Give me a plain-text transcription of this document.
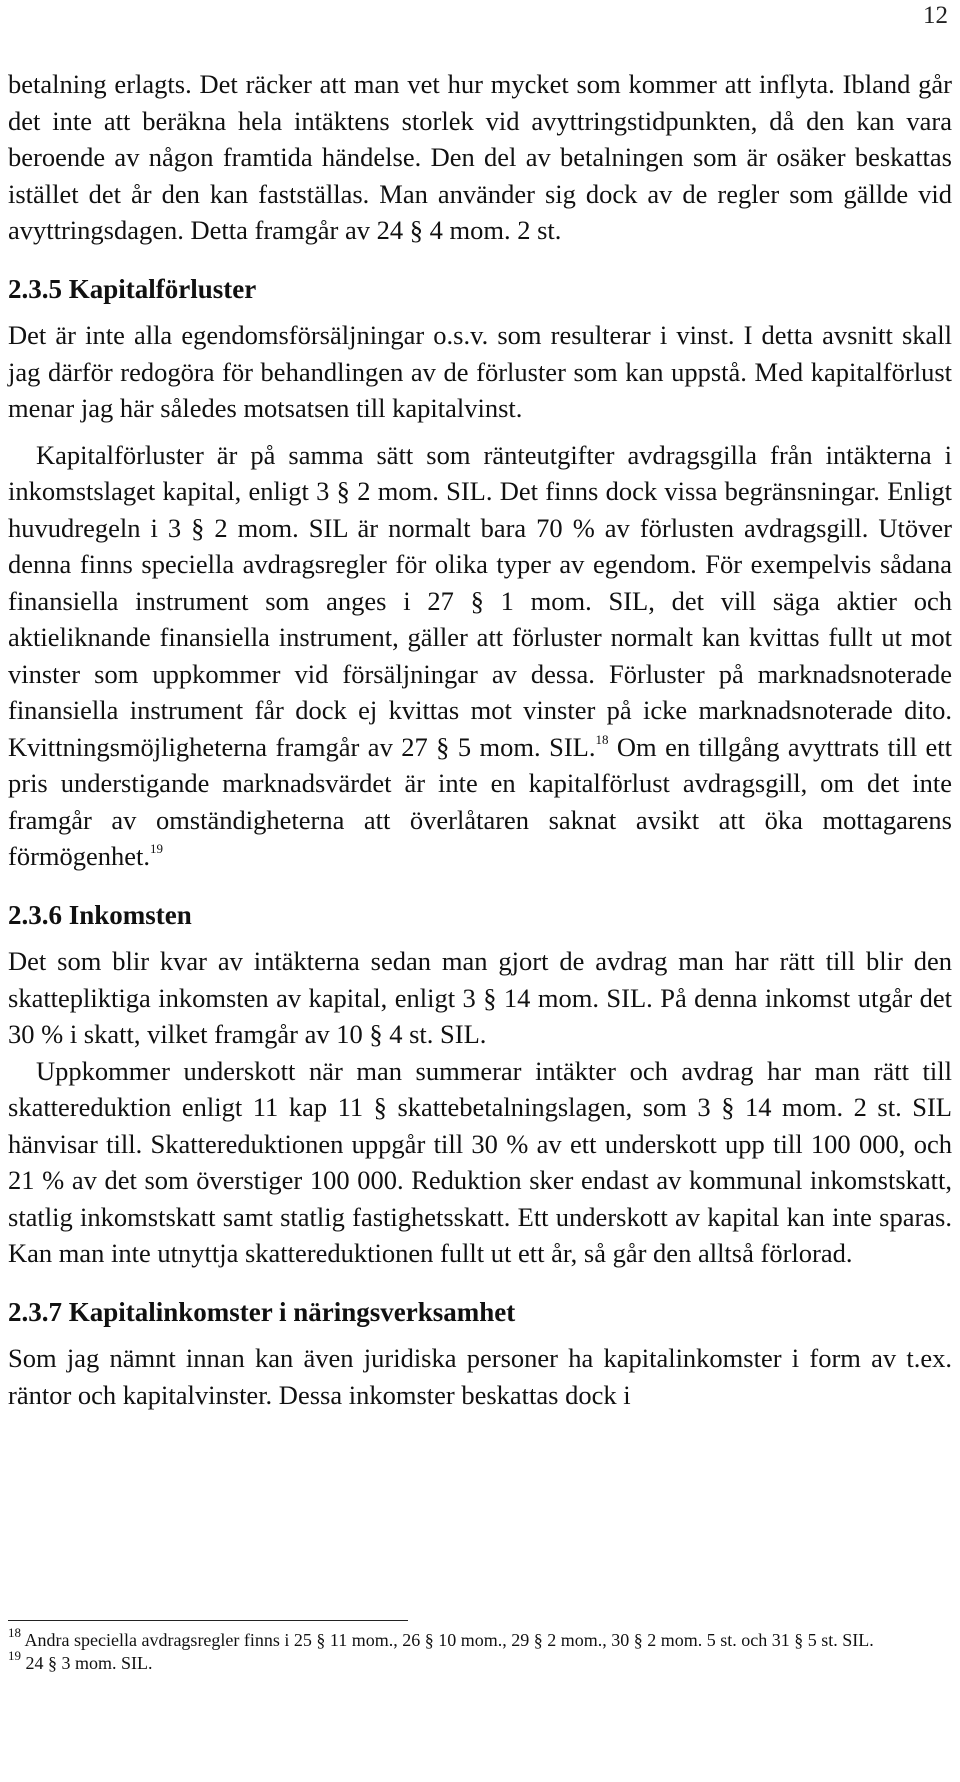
12

betalning erlagts. Det räcker att man vet hur mycket som kommer att inflyta. Ibland går det inte att beräkna hela intäktens storlek vid avyttringstidpunkten, då den kan vara beroende av någon framtida händelse. Den del av betalningen som är osäker beskattas istället det år den kan fastställas. Man använder sig dock av de regler som gällde vid avyttringsdagen. Detta framgår av 24 § 4 mom. 2 st.

2.3.5 Kapitalförluster

Det är inte alla egendomsförsäljningar o.s.v. som resulterar i vinst. I detta avsnitt skall jag därför redogöra för behandlingen av de förluster som kan uppstå. Med kapitalförlust menar jag här således motsatsen till kapitalvinst.

Kapitalförluster är på samma sätt som ränteutgifter avdragsgilla från intäkterna i inkomstslaget kapital, enligt 3 § 2 mom. SIL. Det finns dock vissa begränsningar. Enligt huvudregeln i 3 § 2 mom. SIL är normalt bara 70 % av förlusten avdragsgill. Utöver denna finns speciella avdragsregler för olika typer av egendom. För exempelvis sådana finansiella instrument som anges i 27 § 1 mom. SIL, det vill säga aktier och aktieliknande finansiella instrument, gäller att förluster normalt kan kvittas fullt ut mot vinster som uppkommer vid försäljningar av dessa. Förluster på marknadsnoterade finansiella instrument får dock ej kvittas mot vinster på icke marknadsnoterade dito. Kvittningsmöjligheterna framgår av 27 § 5 mom. SIL.$^{18}$ Om en tillgång avyttrats till ett pris understigande marknadsvärdet är inte en kapitalförlust avdragsgill, om det inte framgår av omständigheterna att överlåtaren saknat avsikt att öka mottagarens förmögenhet.$^{19}$

2.3.6 Inkomsten

Det som blir kvar av intäkterna sedan man gjort de avdrag man har rätt till blir den skattepliktiga inkomsten av kapital, enligt 3 § 14 mom. SIL. På denna inkomst utgår det 30 % i skatt, vilket framgår av 10 § 4 st. SIL.

Uppkommer underskott när man summerar intäkter och avdrag har man rätt till skattereduktion enligt 11 kap 11 § skattebetalningslagen, som 3 § 14 mom. 2 st. SIL hänvisar till. Skattereduktionen uppgår till 30 % av ett underskott upp till 100 000, och 21 % av det som överstiger 100 000. Reduktion sker endast av kommunal inkomstskatt, statlig inkomstskatt samt statlig fastighetsskatt. Ett underskott av kapital kan inte sparas. Kan man inte utnyttja skattereduktionen fullt ut ett år, så går den alltså förlorad.

2.3.7 Kapitalinkomster i näringsverksamhet

Som jag nämnt innan kan även juridiska personer ha kapitalinkomster i form av t.ex. räntor och kapitalvinster. Dessa inkomster beskattas dock i

$^{18}$ Andra speciella avdragsregler finns i 25 § 11 mom., 26 § 10 mom., 29 § 2 mom., 30 § 2 mom. 5 st. och 31 § 5 st. SIL.

$^{19}$ 24 § 3 mom. SIL.
